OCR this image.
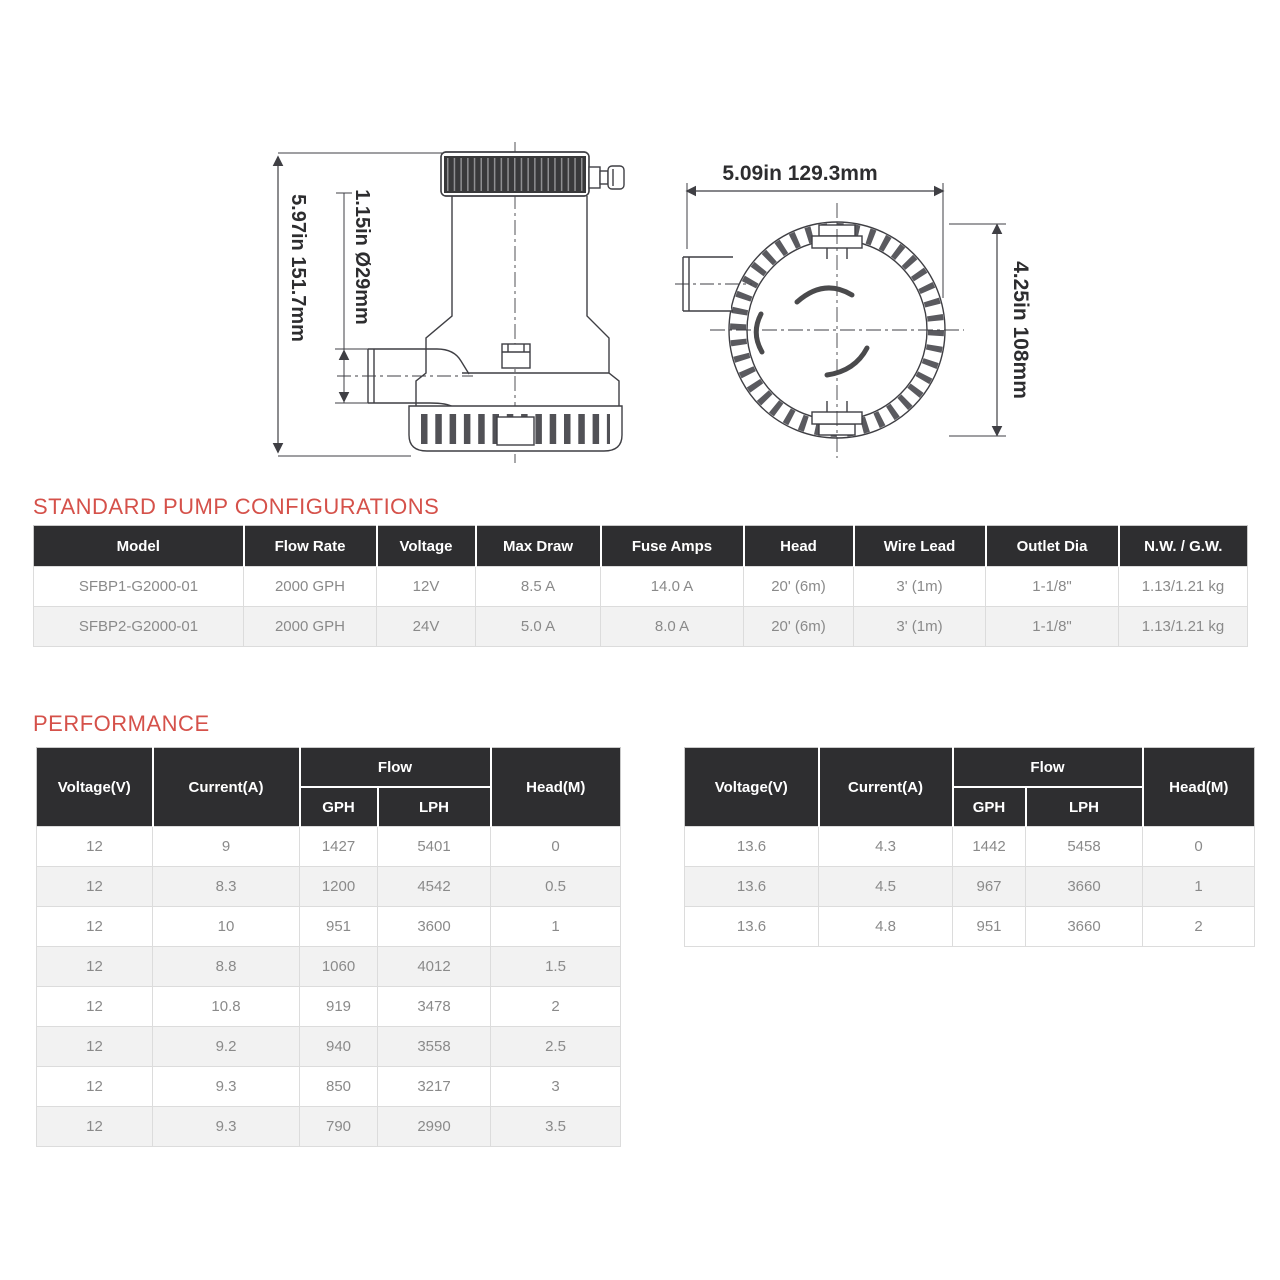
5.97in 151.7mm 1.15in Ø29mm
5.09in 129.3mm
4.25in 108mm
STANDARD PUMP CONFIGURATIONS
Model	Flow Rate	Voltage	Max Draw	Fuse Amps	Head	Wire Lead	Outlet Dia	N.W. / G.W.
SFBP1-G2000-01	2000 GPH	12V	8.5 A	14.0 A	20' (6m)	3' (1m)	1-1/8"	1.13/1.21 kg
SFBP2-G2000-01	2000 GPH	24V	5.0 A	8.0 A	20' (6m)	3' (1m)	1-1/8"	1.13/1.21 kg
PERFORMANCE
Voltage(V)	Current(A)	Flow		Head(M)
		GPH	LPH	
12	9	1427	5401	0
12	8.3	1200	4542	0.5
12	10	951	3600	1
12	8.8	1060	4012	1.5
12	10.8	919	3478	2
12	9.2	940	3558	2.5
12	9.3	850	3217	3
12	9.3	790	2990	3.5
Voltage(V)	Current(A)	Flow		Head(M)
		GPH	LPH	
13.6	4.3	1442	5458	0
13.6	4.5	967	3660	1
13.6	4.8	951	3660	2
